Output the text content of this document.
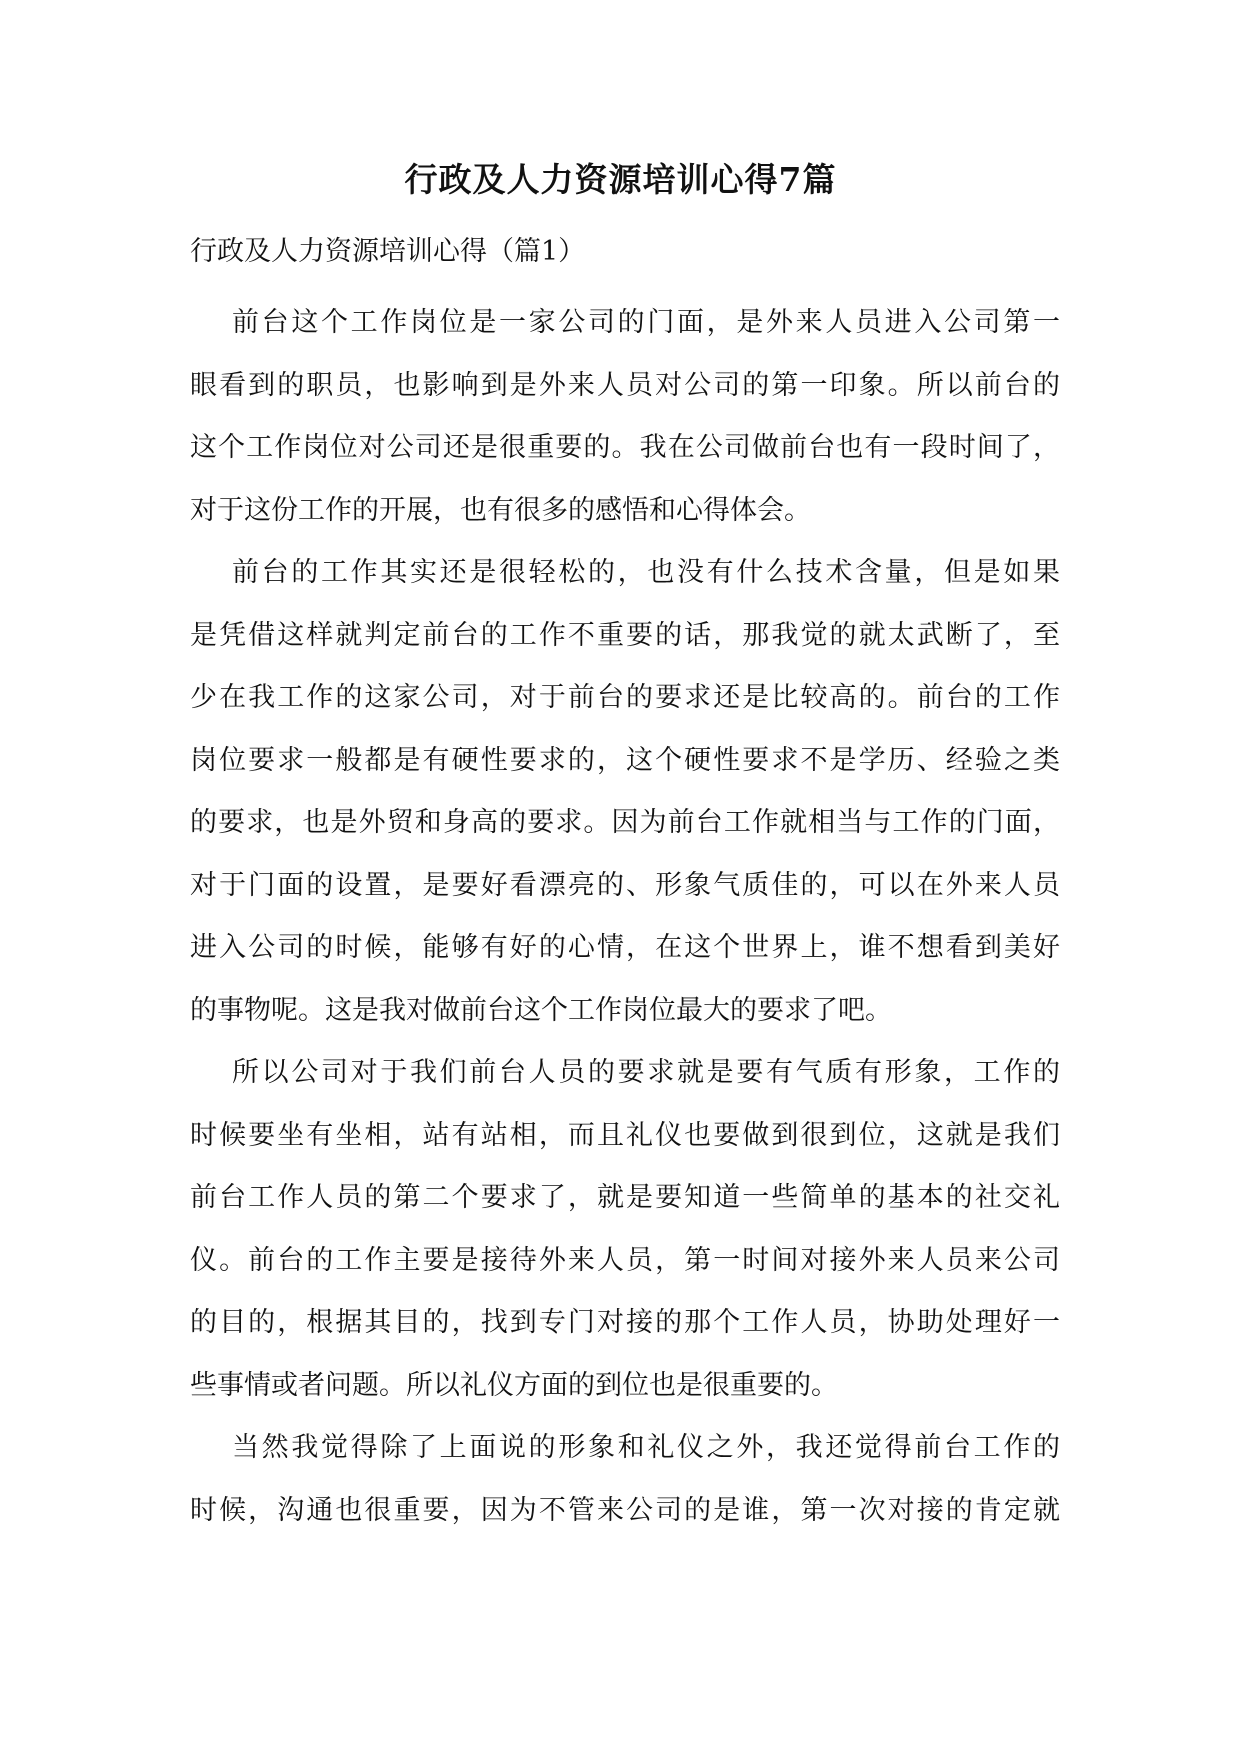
行政及人力资源培训心得7篇
行政及人力资源培训心得（篇1）
前台这个工作岗位是一家公司的门面，是外来人员进入公司第一
眼看到的职员，也影响到是外来人员对公司的第一印象。所以前台的
这个工作岗位对公司还是很重要的。我在公司做前台也有一段时间了，
对于这份工作的开展，也有很多的感悟和心得体会。
前台的工作其实还是很轻松的，也没有什么技术含量，但是如果
是凭借这样就判定前台的工作不重要的话，那我觉的就太武断了，至
少在我工作的这家公司，对于前台的要求还是比较高的。前台的工作
岗位要求一般都是有硬性要求的，这个硬性要求不是学历、经验之类
的要求，也是外贸和身高的要求。因为前台工作就相当与工作的门面，
对于门面的设置，是要好看漂亮的、形象气质佳的，可以在外来人员
进入公司的时候，能够有好的心情，在这个世界上，谁不想看到美好
的事物呢。这是我对做前台这个工作岗位最大的要求了吧。
所以公司对于我们前台人员的要求就是要有气质有形象，工作的
时候要坐有坐相，站有站相，而且礼仪也要做到很到位，这就是我们
前台工作人员的第二个要求了，就是要知道一些简单的基本的社交礼
仪。前台的工作主要是接待外来人员，第一时间对接外来人员来公司
的目的，根据其目的，找到专门对接的那个工作人员，协助处理好一
些事情或者问题。所以礼仪方面的到位也是很重要的。
当然我觉得除了上面说的形象和礼仪之外，我还觉得前台工作的
时候，沟通也很重要，因为不管来公司的是谁，第一次对接的肯定就
